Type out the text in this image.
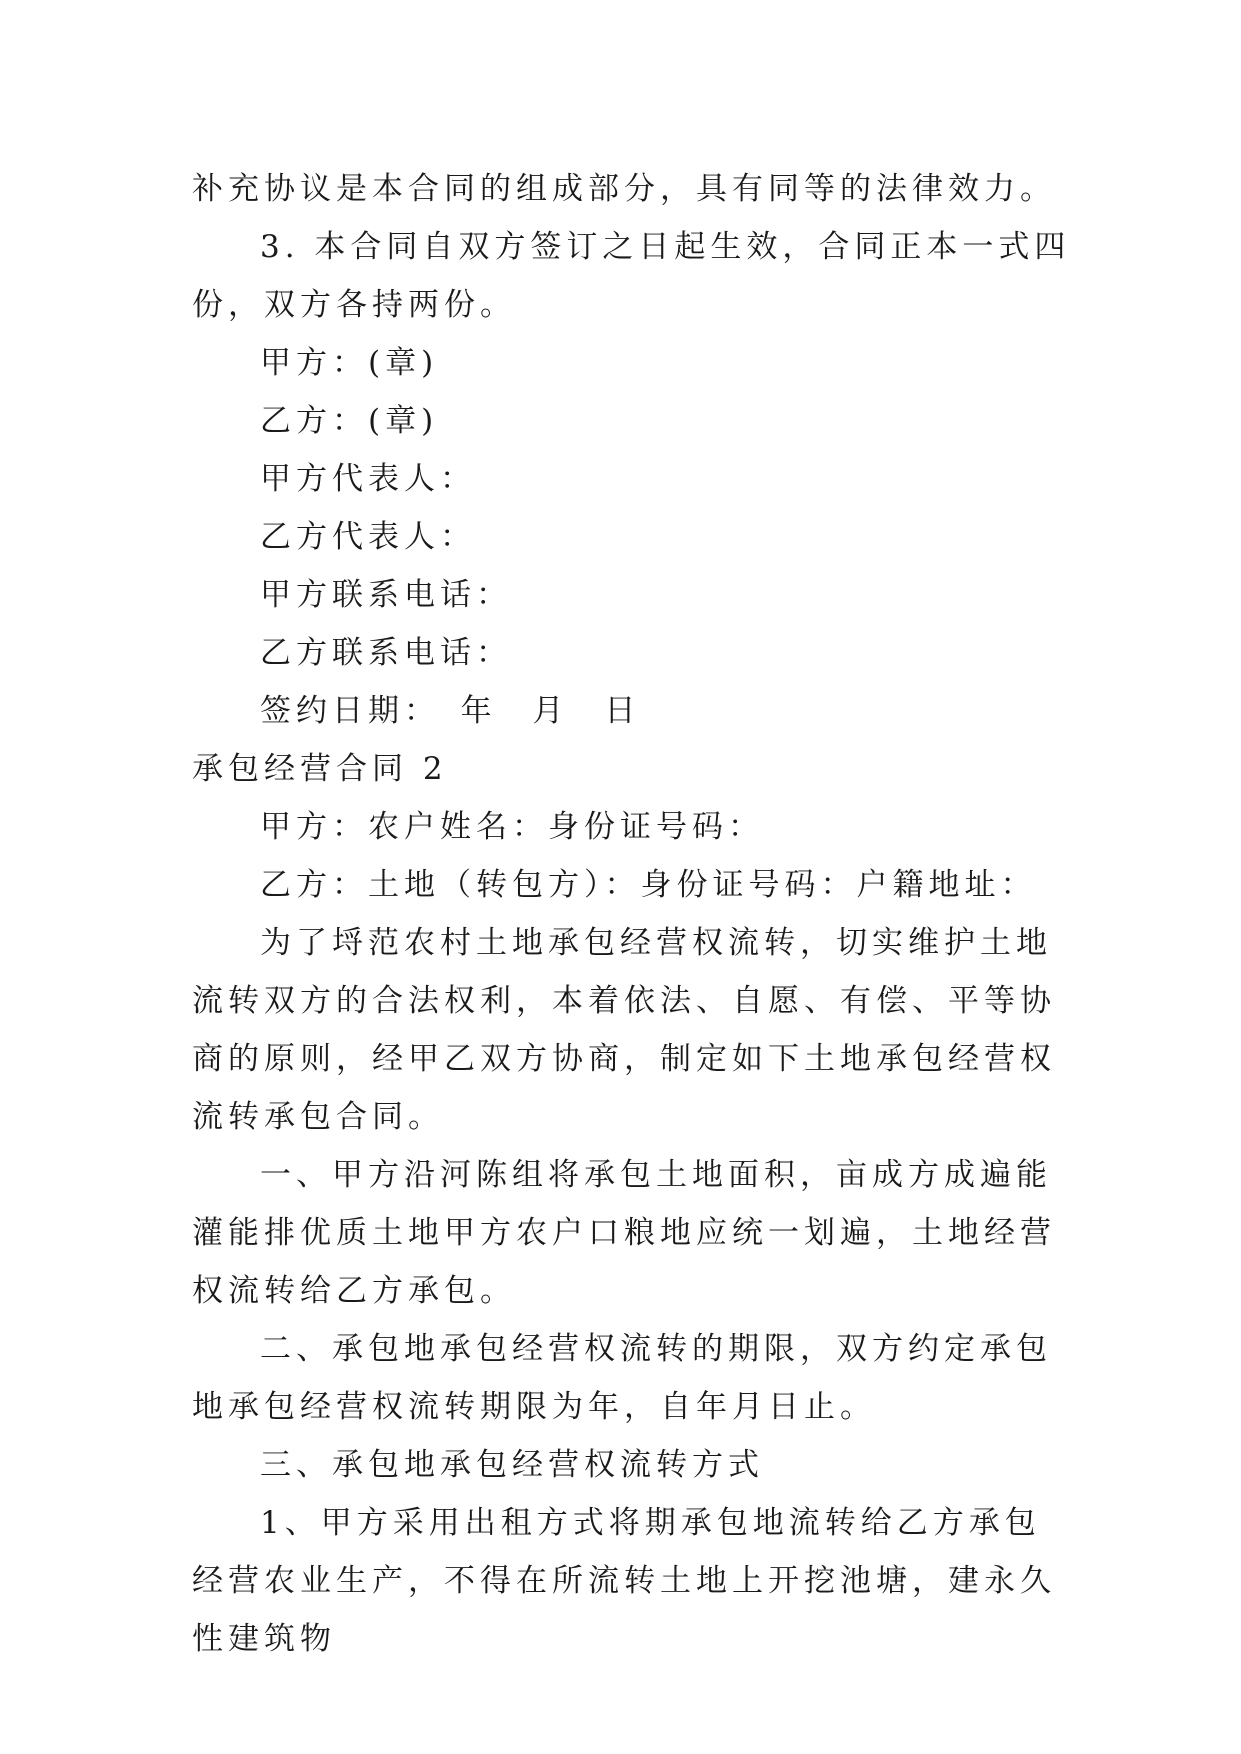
补充协议是本合同的组成部分，具有同等的法律效力。

3. 本合同自双方签订之日起生效，合同正本一式四份，双方各持两份。

甲方：(章)

乙方：(章)

甲方代表人：

乙方代表人：

甲方联系电话：

乙方联系电话：

签约日期：　年　月　日

承包经营合同 2

甲方：农户姓名：身份证号码：

乙方：土地（转包方）：身份证号码：户籍地址：

为了埒范农村土地承包经营权流转，切实维护土地流转双方的合法权利，本着依法、自愿、有偿、平等协商的原则，经甲乙双方协商，制定如下土地承包经营权流转承包合同。

一、甲方沿河陈组将承包土地面积，亩成方成遍能灌能排优质土地甲方农户口粮地应统一划遍，土地经营权流转给乙方承包。

二、承包地承包经营权流转的期限，双方约定承包地承包经营权流转期限为年，自年月日止。

三、承包地承包经营权流转方式

1、甲方采用出租方式将期承包地流转给乙方承包经营农业生产，不得在所流转土地上开挖池塘，建永久性建筑物
